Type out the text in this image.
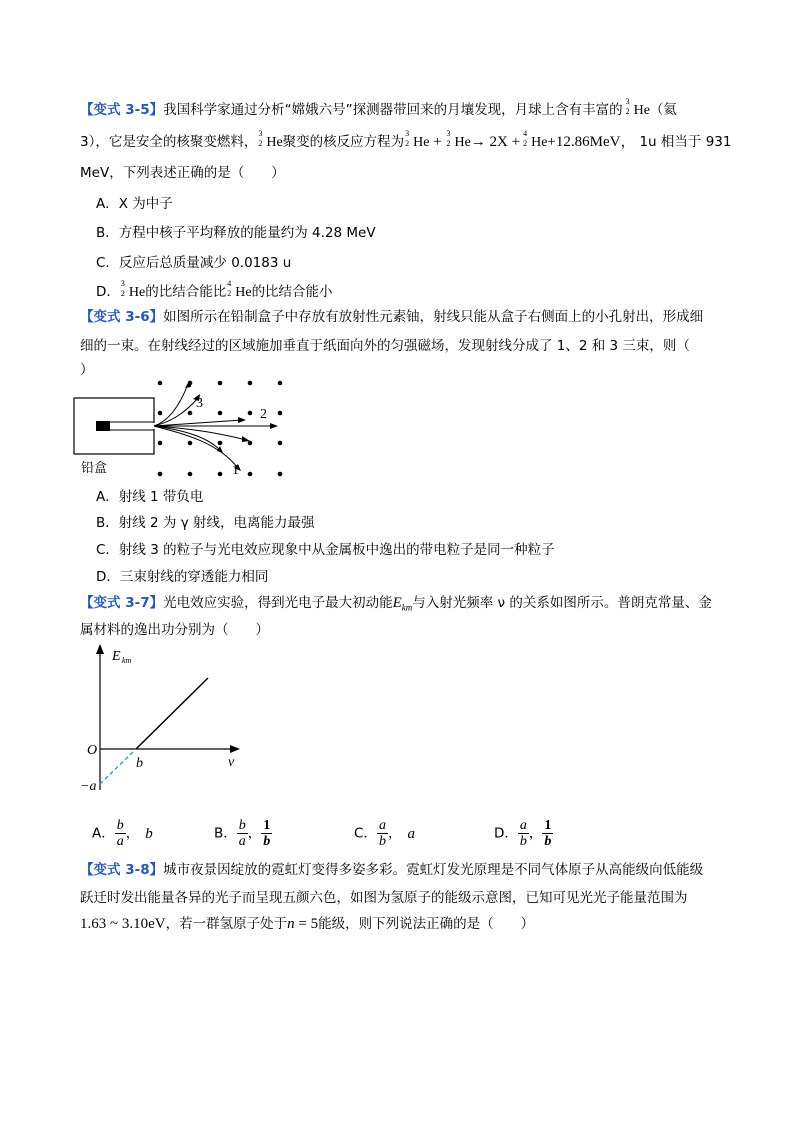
【变式 3-5】我国科学家通过分析“嫦娥六号”探测器带回来的月壤发现，月球上含有丰富的
3
2 He（氦
3），它是安全的核聚变燃料，
3
2 He聚变的核反应方程为
3
2 He +
3
2 He→ 2X +
4
2 He+12.86MeV， 1u 相当于 931
MeV，下列表述正确的是（　　）
A．X 为中子
B．方程中核子平均释放的能量约为 4.28 MeV
C．反应后总质量减少 0.0183 u
D．
3
2 He的比结合能比
4
2 He的比结合能小
【变式 3-6】如图所示在铅制盒子中存放有放射性元素铀，射线只能从盒子右侧面上的小孔射出，形成细
细的一束。在射线经过的区域施加垂直于纸面向外的匀强磁场，发现射线分成了 1、2 和 3 三束，则（
）
3
2
1
铅盒
A．射线 1 带负电
B．射线 2 为 γ 射线，电离能力最强
C．射线 3 的粒子与光电效应现象中从金属板中逸出的带电粒子是同一种粒子
D．三束射线的穿透能力相同
【变式 3-7】光电效应实验，得到光电子最大初动能$E_{km}$与入射光频率 ν 的关系如图所示。普朗克常量、金
属材料的逸出功分别为（　　）
E km
O
ν
b
−a
A． $\frac{b}{a}$ ， b	B． $\frac{b}{a}$ ， $\frac{1}{b}$	C． $\frac{a}{b}$ ， a	D． $\frac{a}{b}$ ， $\frac{1}{b}$
【变式 3-8】城市夜景因绽放的霓虹灯变得多姿多彩。霓虹灯发光原理是不同气体原子从高能级向低能级
跃迁时发出能量各异的光子而呈现五颜六色，如图为氢原子的能级示意图，已知可见光光子能量范围为
1.63 ~ 3.10eV，若一群氢原子处于n = 5能级，则下列说法正确的是（　　）
